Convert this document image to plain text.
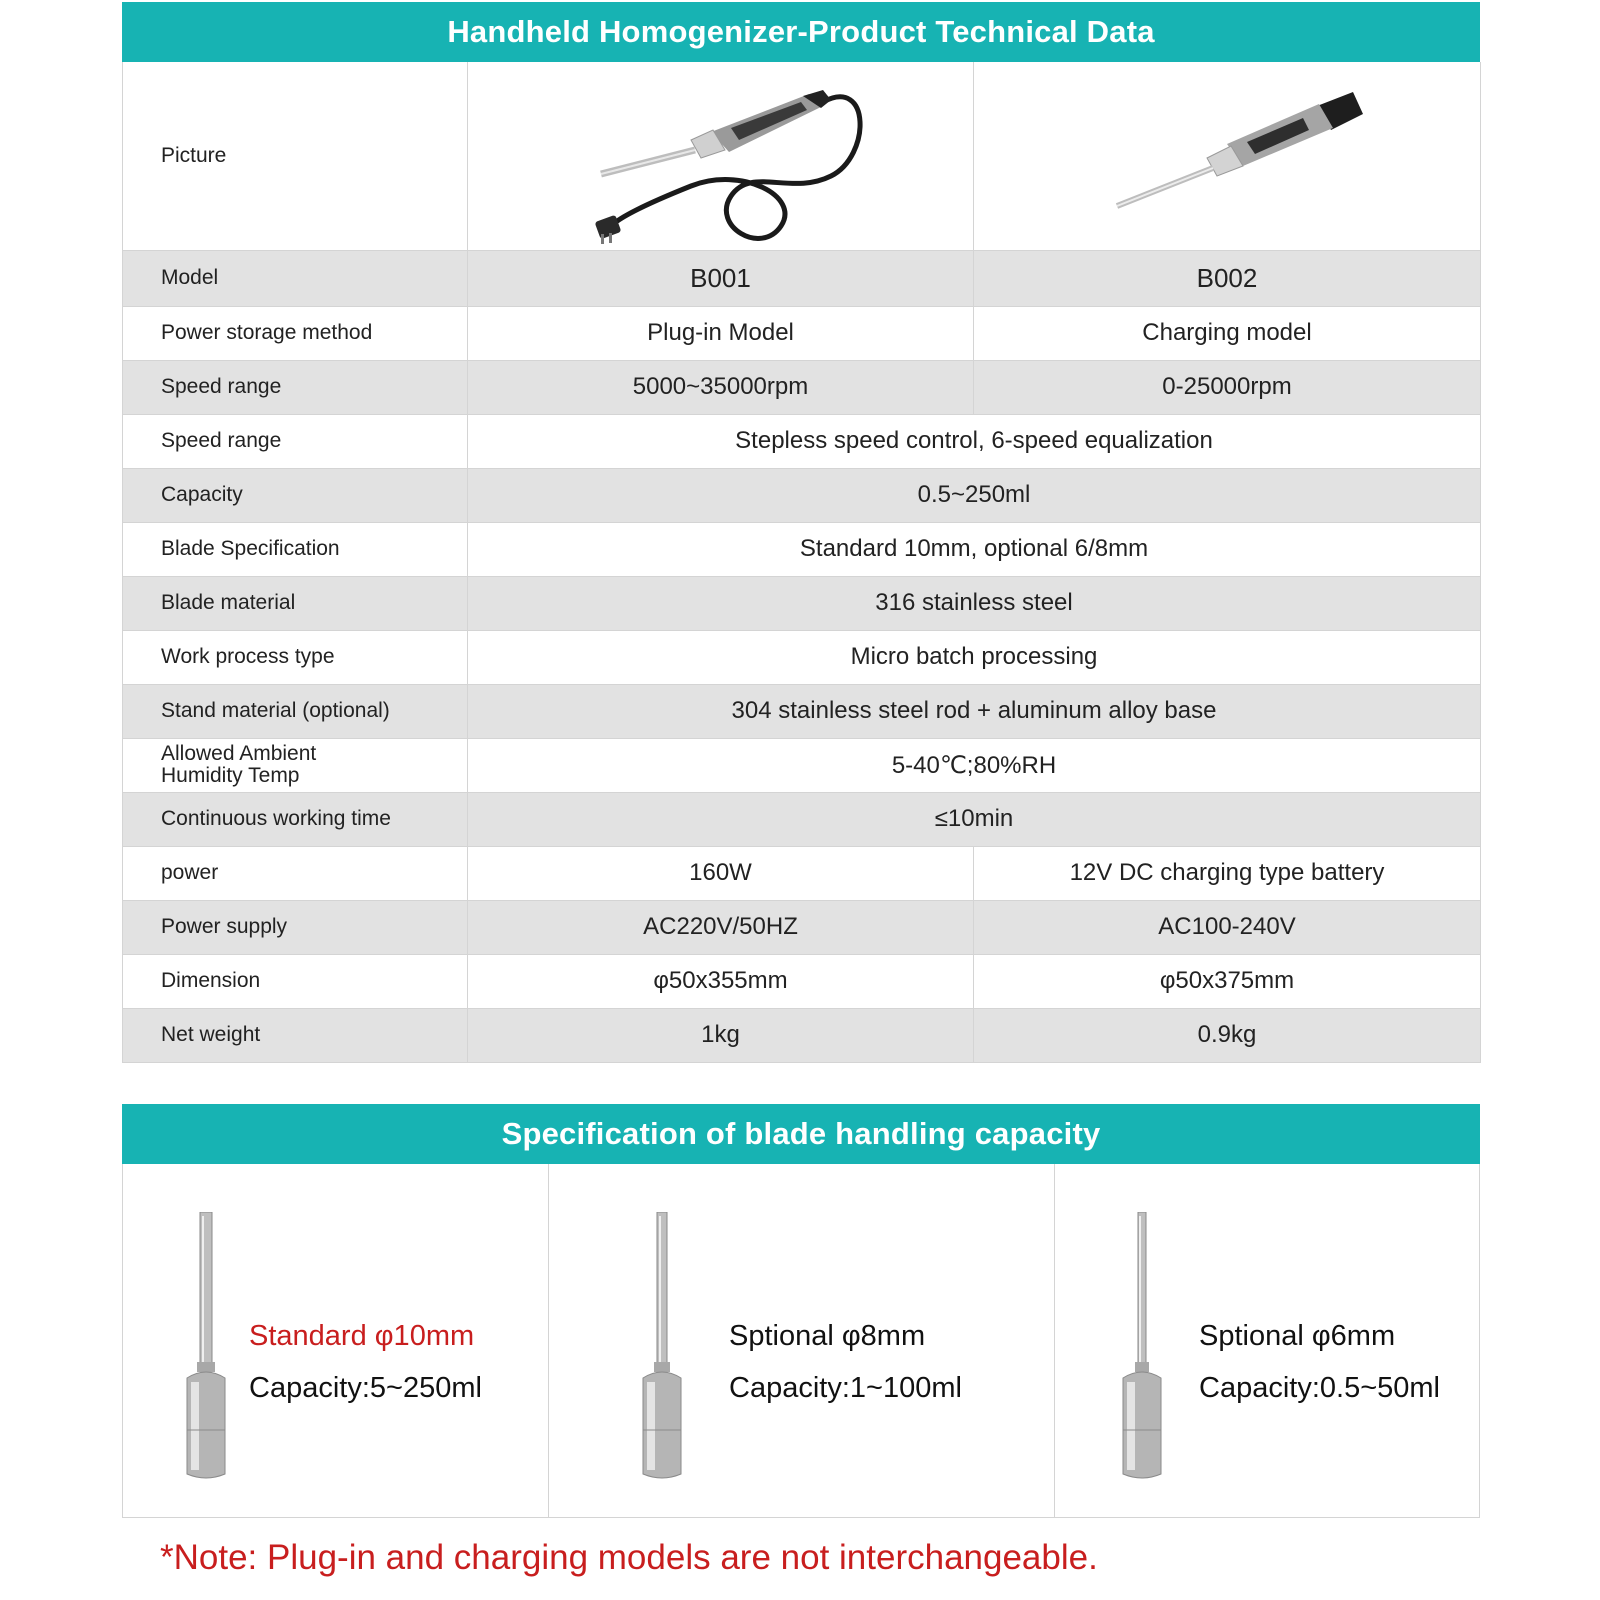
Handheld Homogenizer-Product Technical Data
Picture	

Model	B001	B002
Power storage method	Plug-in Model	Charging model
Speed range	5000~35000rpm	0-25000rpm
Speed range	Stepless speed control, 6-speed equalization	
Capacity	0.5~250ml	
Blade Specification	Standard 10mm, optional 6/8mm	
Blade material	316 stainless steel	
Work process type	Micro batch processing	
Stand material (optional)	304 stainless steel rod + aluminum alloy base	

Allowed Ambient
Humidity Temp	5-40℃;80%RH	
Continuous working time	≤10min	
power	160W	12V DC charging type battery
Power supply	AC220V/50HZ	AC100-240V
Dimension	φ50x355mm	φ50x375mm
Net weight	1kg	0.9kg
Specification of blade handling capacity
Standard φ10mm
Capacity:5~250ml
Sptional φ8mm
Capacity:1~100ml
Sptional φ6mm
Capacity:0.5~50ml
*Note: Plug-in and charging models are not interchangeable.
